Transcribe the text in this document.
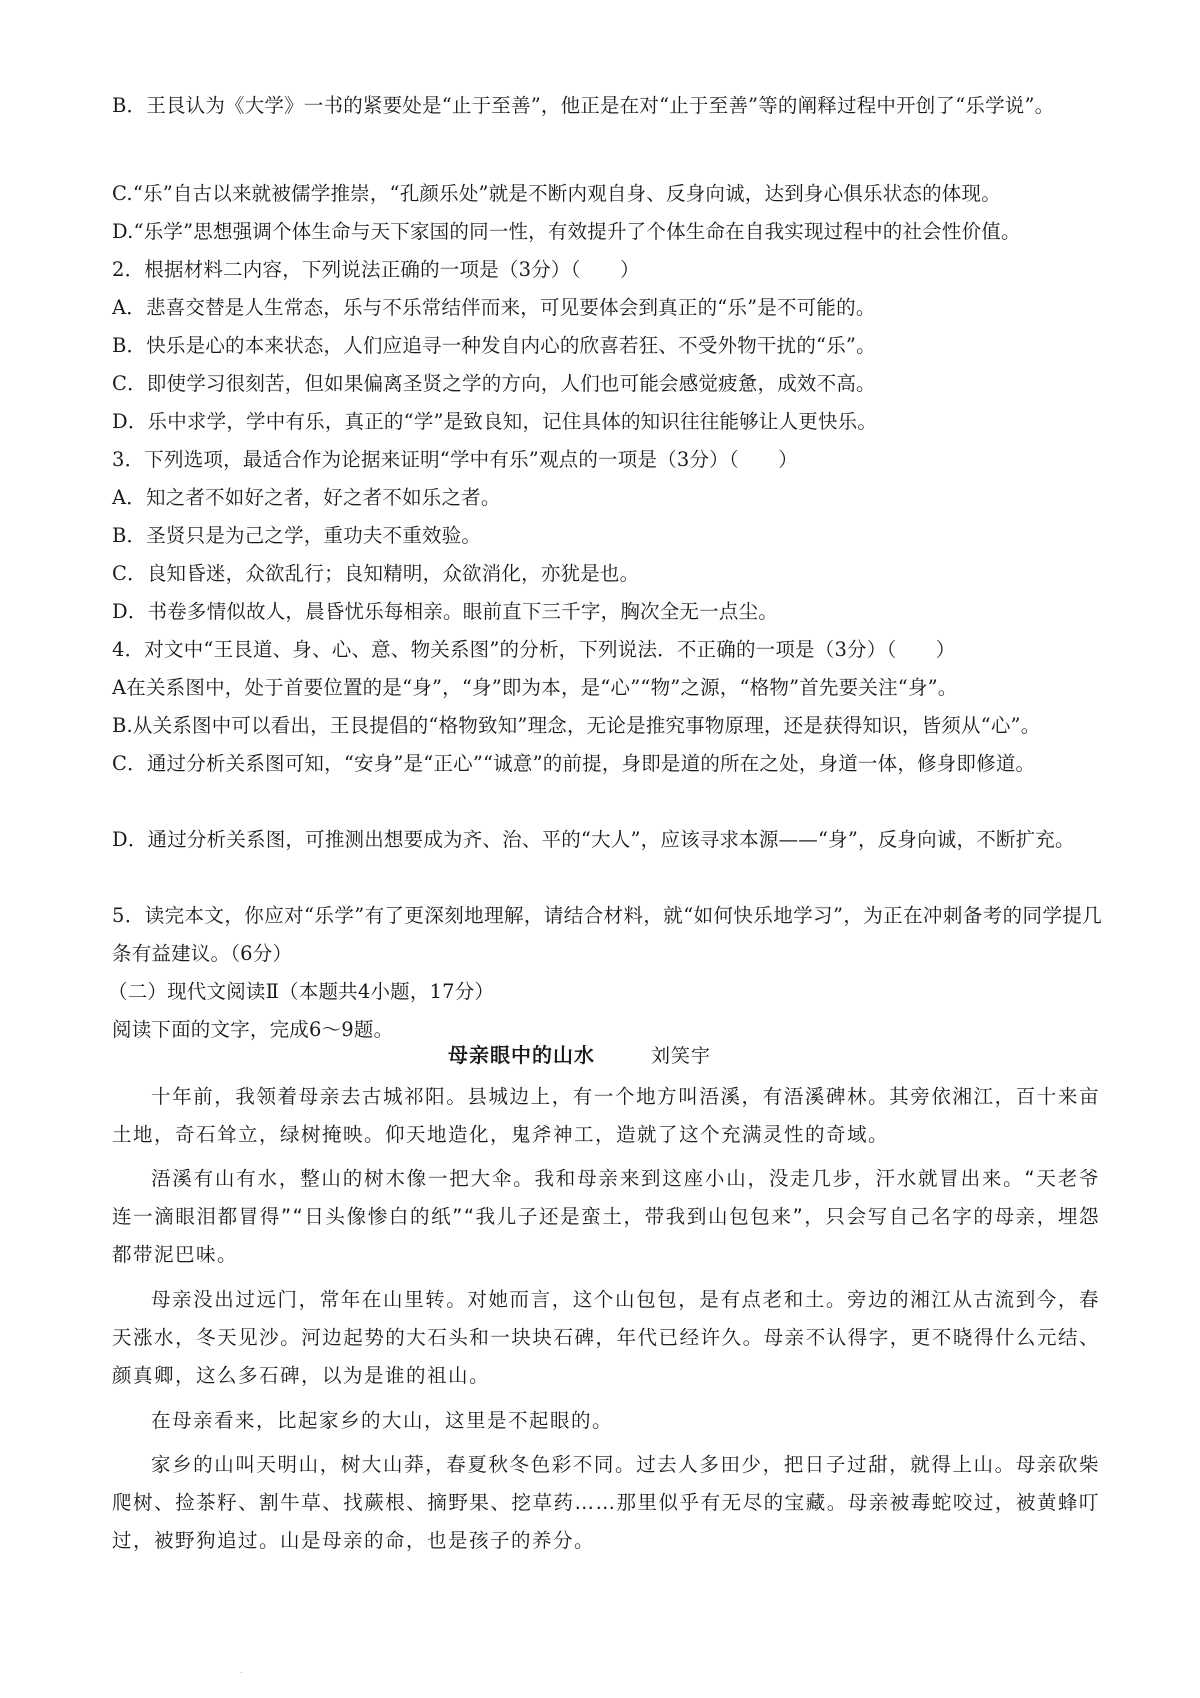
B．王艮认为《大学》一书的紧要处是“止于至善”，他正是在对“止于至善”等的阐释过程中开创了“乐学说”。
C.“乐”自古以来就被儒学推崇，“孔颜乐处”就是不断内观自身、反身向诚，达到身心俱乐状态的体现。
D.“乐学”思想强调个体生命与天下家国的同一性，有效提升了个体生命在自我实现过程中的社会性价值。
2．根据材料二内容，下列说法正确的一项是（3分）（　　）
A．悲喜交替是人生常态，乐与不乐常结伴而来，可见要体会到真正的“乐”是不可能的。
B．快乐是心的本来状态，人们应追寻一种发自内心的欣喜若狂、不受外物干扰的“乐”。
C．即使学习很刻苦，但如果偏离圣贤之学的方向，人们也可能会感觉疲惫，成效不高。
D．乐中求学，学中有乐，真正的“学”是致良知，记住具体的知识往往能够让人更快乐。
3．下列选项，最适合作为论据来证明“学中有乐”观点的一项是（3分）（　　）
A．知之者不如好之者，好之者不如乐之者。
B．圣贤只是为己之学，重功夫不重效验。
C．良知昏迷，众欲乱行；良知精明，众欲消化，亦犹是也。
D．书卷多情似故人，晨昏忧乐每相亲。眼前直下三千字，胸次全无一点尘。
4．对文中“王艮道、身、心、意、物关系图”的分析，下列说法．不正确的一项是（3分）（　　）
A在关系图中，处于首要位置的是“身”，“身”即为本，是“心”“物”之源，“格物”首先要关注“身”。
B.从关系图中可以看出，王艮提倡的“格物致知”理念，无论是推究事物原理，还是获得知识，皆须从“心”。
C．通过分析关系图可知，“安身”是“正心”“诚意”的前提，身即是道的所在之处，身道一体，修身即修道。
D．通过分析关系图，可推测出想要成为齐、治、平的“大人”，应该寻求本源——“身”，反身向诚，不断扩充。
5．读完本文，你应对“乐学”有了更深刻地理解，请结合材料，就“如何快乐地学习”，为正在冲刺备考的同学提几条有益建议。（6分）
（二）现代文阅读Ⅱ（本题共4小题，17分）
阅读下面的文字，完成6～9题。
母亲眼中的山水	刘笑宇
十年前，我领着母亲去古城祁阳。县城边上，有一个地方叫浯溪，有浯溪碑林。其旁依湘江，百十来亩土地，奇石耸立，绿树掩映。仰天地造化，鬼斧神工，造就了这个充满灵性的奇域。
浯溪有山有水，整山的树木像一把大伞。我和母亲来到这座小山，没走几步，汗水就冒出来。“天老爷连一滴眼泪都冒得”“日头像惨白的纸”“我儿子还是蛮土，带我到山包包来”，只会写自己名字的母亲，埋怨都带泥巴味。
母亲没出过远门，常年在山里转。对她而言，这个山包包，是有点老和土。旁边的湘江从古流到今，春天涨水，冬天见沙。河边起势的大石头和一块块石碑，年代已经许久。母亲不认得字，更不晓得什么元结、颜真卿，这么多石碑，以为是谁的祖山。
在母亲看来，比起家乡的大山，这里是不起眼的。
家乡的山叫天明山，树大山莽，春夏秋冬色彩不同。过去人多田少，把日子过甜，就得上山。母亲砍柴爬树、捡茶籽、割牛草、找蕨根、摘野果、挖草药……那里似乎有无尽的宝藏。母亲被毒蛇咬过，被黄蜂叮过，被野狗追过。山是母亲的命，也是孩子的养分。
